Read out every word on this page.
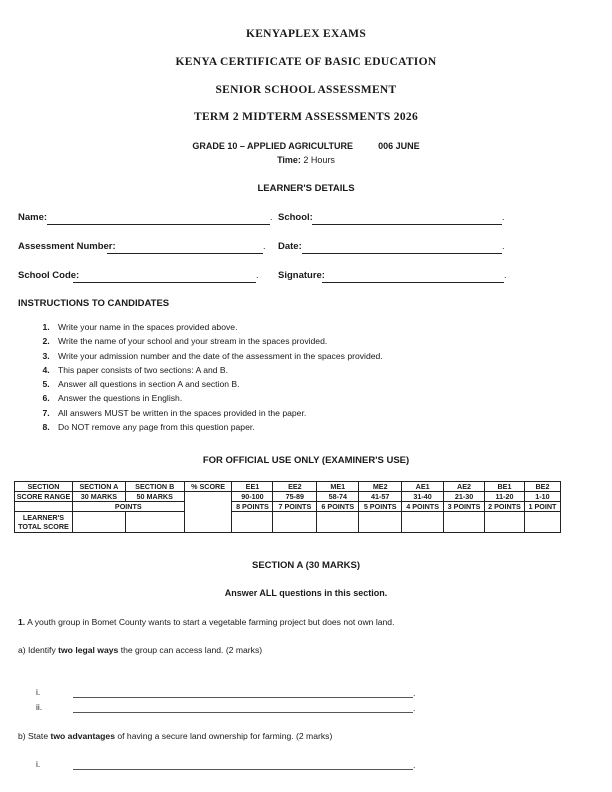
KENYAPLEX EXAMS
KENYA CERTIFICATE OF BASIC EDUCATION
SENIOR SCHOOL ASSESSMENT
TERM 2 MIDTERM ASSESSMENTS 2026
GRADE 10 – APPLIED AGRICULTURE	006 JUNE
Time: 2 Hours
LEARNER'S DETAILS
Name:	. School:	.
Assessment Number:	. Date:	.
School Code:	. Signature:	.
INSTRUCTIONS TO CANDIDATES
1. Write your name in the spaces provided above.
2. Write the name of your school and your stream in the spaces provided.
3. Write your admission number and the date of the assessment in the spaces provided.
4. This paper consists of two sections: A and B.
5. Answer all questions in section A and section B.
6. Answer the questions in English.
7. All answers MUST be written in the spaces provided in the paper.
8. Do NOT remove any page from this question paper.
FOR OFFICIAL USE ONLY (EXAMINER'S USE)
SECTION	SECTION A	SECTION B	% SCORE	EE1	EE2	ME1	ME2	AE1	AE2	BE1	BE2
SCORE RANGE	30 MARKS	50 MARKS		90-100	75-89	58-74	41-57	31-40	21-30	11-20	1-10
	POINTS			8 POINTS	7 POINTS	6 POINTS	5 POINTS	4 POINTS	3 POINTS	2 POINTS	1 POINT

LEARNER'S
TOTAL SCORE											

SECTION A (30 MARKS)
Answer ALL questions in this section.
1. A youth group in Bomet County wants to start a vegetable farming project but does not own land.
a) Identify two legal ways the group can access land. (2 marks)
i.	.
ii.	.
b) State two advantages of having a secure land ownership for farming. (2 marks)
i.	.
